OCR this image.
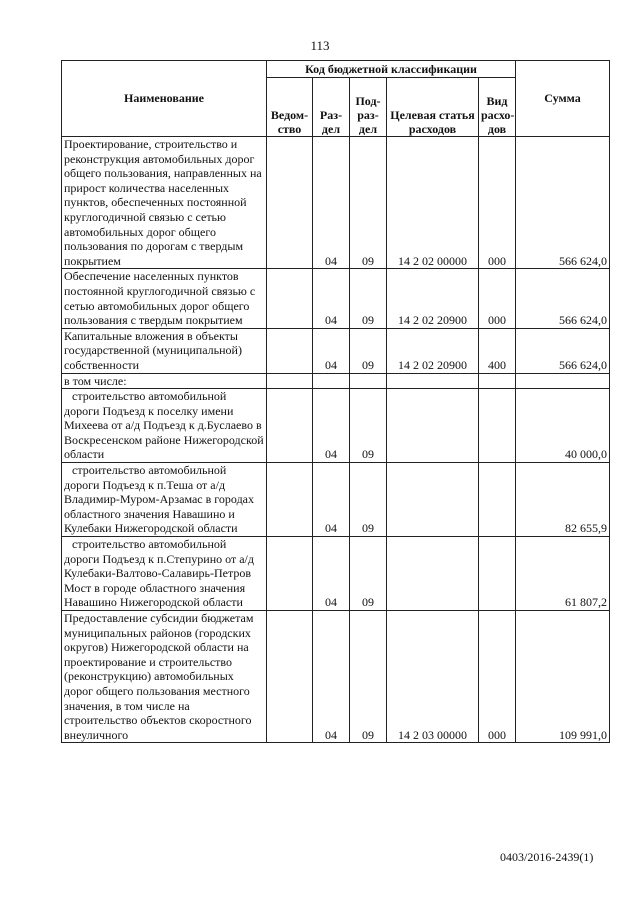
113
Наименование	Код бюджетной классификации					Сумма
	Ведом-ство	Раз-дел	Под-раз-дел	Целевая статья расходов	Вид расхо-дов	
Проектирование, строительство и реконструкция автомобильных дорог общего пользования, направленных на прирост количества населенных пунктов, обеспеченных постоянной круглогодичной связью с сетью автомобильных дорог общего пользования по дорогам с твердым покрытием		04	09	14 2 02 00000	000	566 624,0
Обеспечение населенных пунктов постоянной круглогодичной связью с сетью автомобильных дорог общего пользования с твердым покрытием		04	09	14 2 02 20900	000	566 624,0
Капитальные вложения в объекты государственной (муниципальной) собственности		04	09	14 2 02 20900	400	566 624,0
в том числе:						
строительство автомобильной дороги Подъезд к поселку имени Михеева от а/д Подъезд к д.Буслаево в Воскресенском районе Нижегородской области		04	09			40 000,0
строительство автомобильной дороги Подъезд к п.Теша от а/д Владимир-Муром-Арзамас в городах областного значения Навашино и Кулебаки Нижегородской области		04	09			82 655,9
строительство автомобильной дороги Подъезд к п.Степурино от а/д Кулебаки-Валтово-Салавирь-Петров Мост в городе областного значения Навашино Нижегородской области		04	09			61 807,2
Предоставление субсидии бюджетам муниципальных районов (городских округов) Нижегородской области на проектирование и строительство (реконструкцию) автомобильных дорог общего пользования местного значения, в том числе на строительство объектов скоростного внеуличного		04	09	14 2 03 00000	000	109 991,0
0403/2016-2439(1)
